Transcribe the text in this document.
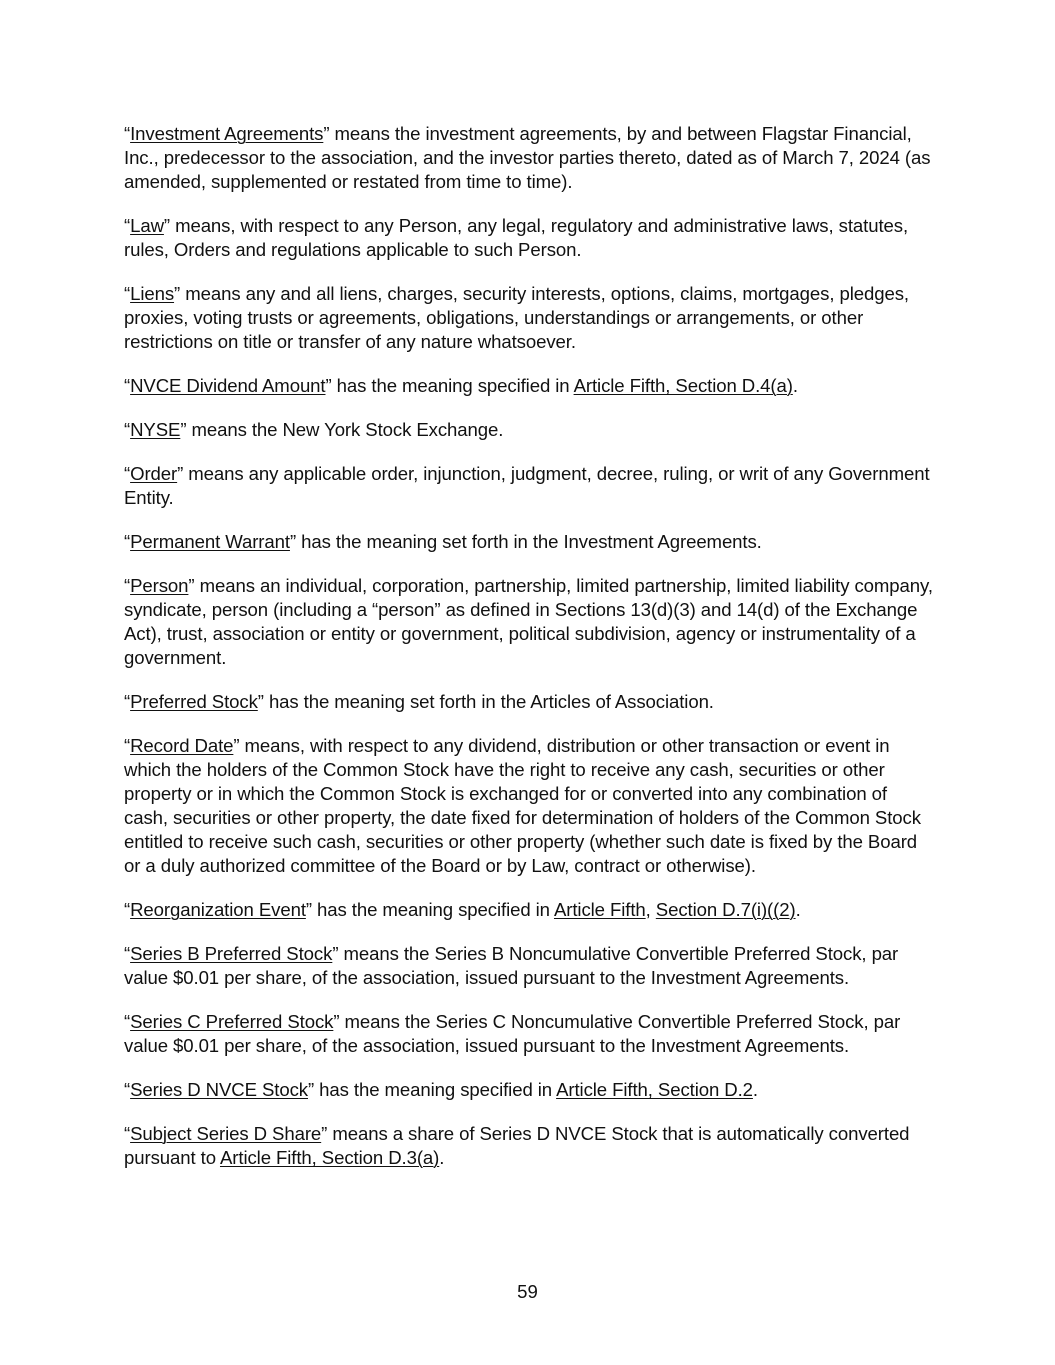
“Investment Agreements” means the investment agreements, by and between Flagstar Financial, Inc., predecessor to the association, and the investor parties thereto, dated as of March 7, 2024 (as amended, supplemented or restated from time to time).

“Law” means, with respect to any Person, any legal, regulatory and administrative laws, statutes, rules, Orders and regulations applicable to such Person.

“Liens” means any and all liens, charges, security interests, options, claims, mortgages, pledges, proxies, voting trusts or agreements, obligations, understandings or arrangements, or other restrictions on title or transfer of any nature whatsoever.

“NVCE Dividend Amount” has the meaning specified in Article Fifth, Section D.4(a).

“NYSE” means the New York Stock Exchange.

“Order” means any applicable order, injunction, judgment, decree, ruling, or writ of any Government Entity.

“Permanent Warrant” has the meaning set forth in the Investment Agreements.

“Person” means an individual, corporation, partnership, limited partnership, limited liability company, syndicate, person (including a “person” as defined in Sections 13(d)(3) and 14(d) of the Exchange Act), trust, association or entity or government, political subdivision, agency or instrumentality of a government.

“Preferred Stock” has the meaning set forth in the Articles of Association.

“Record Date” means, with respect to any dividend, distribution or other transaction or event in which the holders of the Common Stock have the right to receive any cash, securities or other property or in which the Common Stock is exchanged for or converted into any combination of cash, securities or other property, the date fixed for determination of holders of the Common Stock entitled to receive such cash, securities or other property (whether such date is fixed by the Board or a duly authorized committee of the Board or by Law, contract or otherwise).

“Reorganization Event” has the meaning specified in Article Fifth, Section D.7(i)((2).

“Series B Preferred Stock” means the Series B Noncumulative Convertible Preferred Stock, par value $0.01 per share, of the association, issued pursuant to the Investment Agreements.

“Series C Preferred Stock” means the Series C Noncumulative Convertible Preferred Stock, par value $0.01 per share, of the association, issued pursuant to the Investment Agreements.

“Series D NVCE Stock” has the meaning specified in Article Fifth, Section D.2.

“Subject Series D Share” means a share of Series D NVCE Stock that is automatically converted pursuant to Article Fifth, Section D.3(a).

59
